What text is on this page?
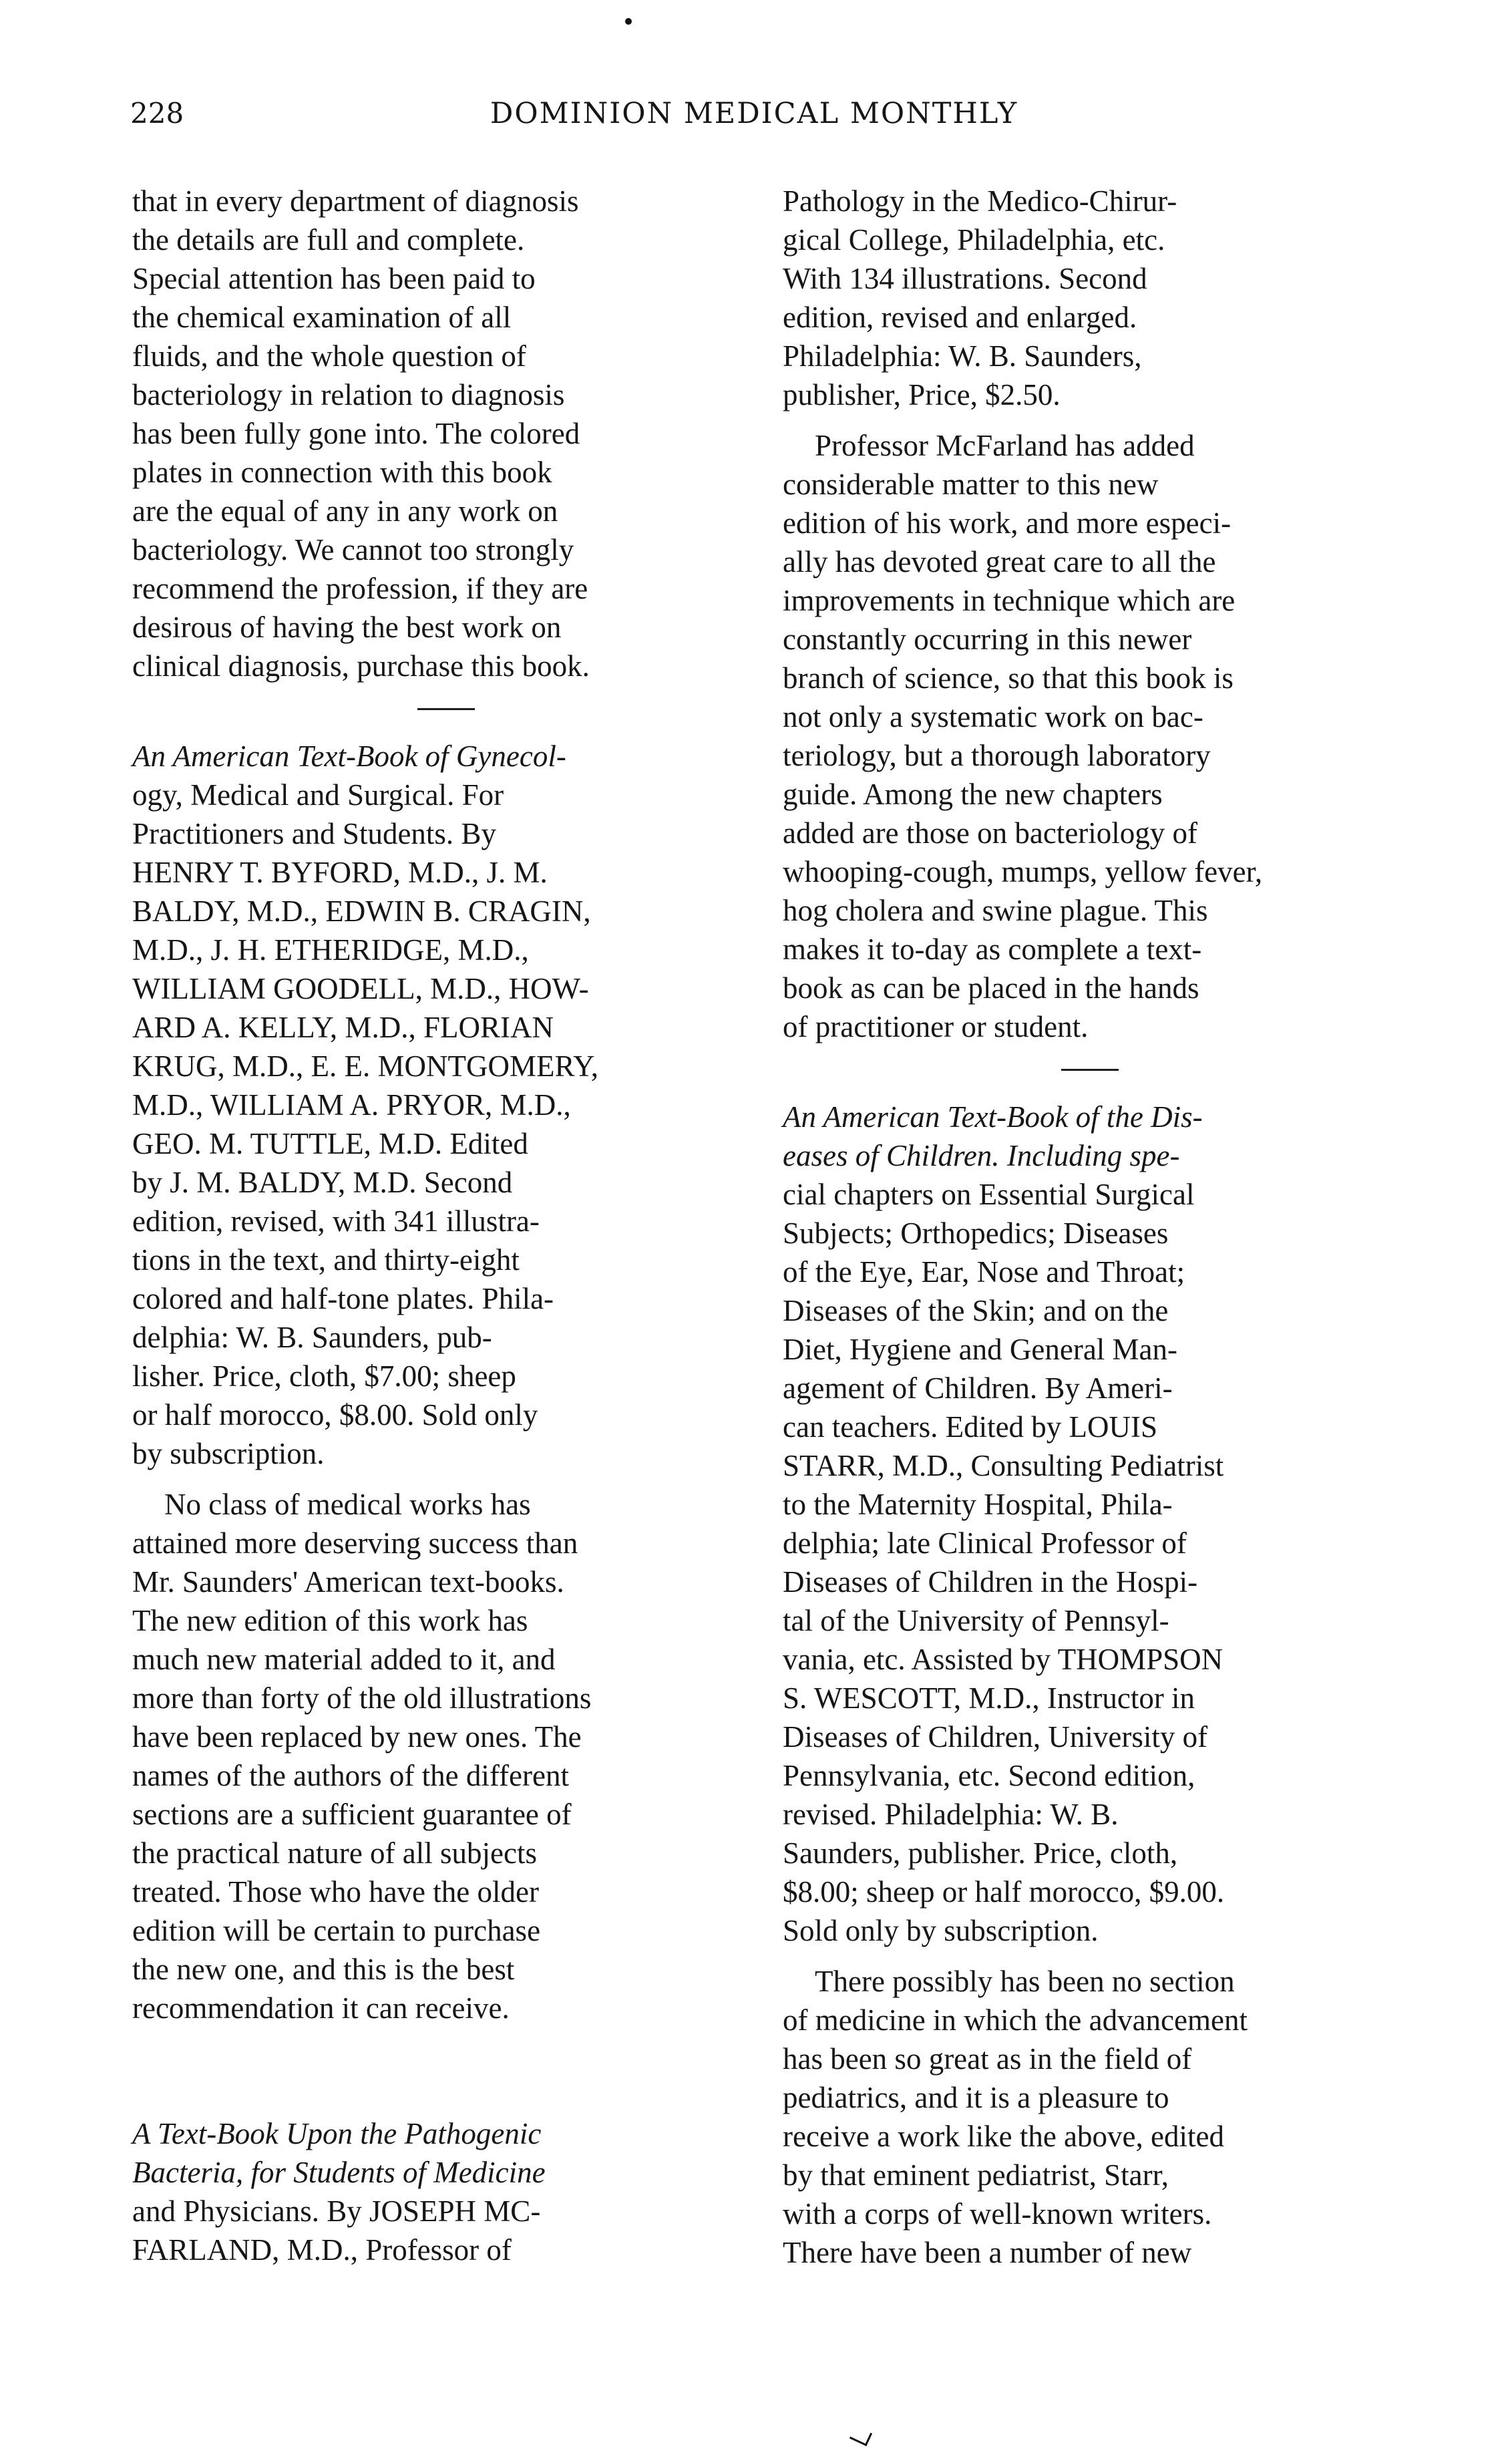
228	DOMINION MEDICAL MONTHLY
that in every department of diagnosis
the details are full and complete.
Special attention has been paid to
the chemical examination of all
fluids, and the whole question of
bacteriology in relation to diagnosis
has been fully gone into. The colored
plates in connection with this book
are the equal of any in any work on
bacteriology. We cannot too strongly
recommend the profession, if they are
desirous of having the best work on
clinical diagnosis, purchase this book.
An American Text-Book of Gynecol-
ogy, Medical and Surgical. For
Practitioners and Students. By
HENRY T. BYFORD, M.D., J. M.
BALDY, M.D., EDWIN B. CRAGIN,
M.D., J. H. ETHERIDGE, M.D.,
WILLIAM GOODELL, M.D., HOW-
ARD A. KELLY, M.D., FLORIAN
KRUG, M.D., E. E. MONTGOMERY,
M.D., WILLIAM A. PRYOR, M.D.,
GEO. M. TUTTLE, M.D. Edited
by J. M. BALDY, M.D. Second
edition, revised, with 341 illustra-
tions in the text, and thirty-eight
colored and half-tone plates. Phila-
delphia: W. B. Saunders, pub-
lisher. Price, cloth, $7.00; sheep
or half morocco, $8.00. Sold only
by subscription.
No class of medical works has
attained more deserving success than
Mr. Saunders' American text-books.
The new edition of this work has
much new material added to it, and
more than forty of the old illustrations
have been replaced by new ones. The
names of the authors of the different
sections are a sufficient guarantee of
the practical nature of all subjects
treated. Those who have the older
edition will be certain to purchase
the new one, and this is the best
recommendation it can receive.
A Text-Book Upon the Pathogenic
Bacteria, for Students of Medicine
and Physicians. By JOSEPH MC-
FARLAND, M.D., Professor of
Pathology in the Medico-Chirur-
gical College, Philadelphia, etc.
With 134 illustrations. Second
edition, revised and enlarged.
Philadelphia: W. B. Saunders,
publisher, Price, $2.50.
Professor McFarland has added
considerable matter to this new
edition of his work, and more especi-
ally has devoted great care to all the
improvements in technique which are
constantly occurring in this newer
branch of science, so that this book is
not only a systematic work on bac-
teriology, but a thorough laboratory
guide. Among the new chapters
added are those on bacteriology of
whooping-cough, mumps, yellow fever,
hog cholera and swine plague. This
makes it to-day as complete a text-
book as can be placed in the hands
of practitioner or student.
An American Text-Book of the Dis-
eases of Children. Including spe-
cial chapters on Essential Surgical
Subjects; Orthopedics; Diseases
of the Eye, Ear, Nose and Throat;
Diseases of the Skin; and on the
Diet, Hygiene and General Man-
agement of Children. By Ameri-
can teachers. Edited by LOUIS
STARR, M.D., Consulting Pediatrist
to the Maternity Hospital, Phila-
delphia; late Clinical Professor of
Diseases of Children in the Hospi-
tal of the University of Pennsyl-
vania, etc. Assisted by THOMPSON
S. WESCOTT, M.D., Instructor in
Diseases of Children, University of
Pennsylvania, etc. Second edition,
revised. Philadelphia: W. B.
Saunders, publisher. Price, cloth,
$8.00; sheep or half morocco, $9.00.
Sold only by subscription.
There possibly has been no section
of medicine in which the advancement
has been so great as in the field of
pediatrics, and it is a pleasure to
receive a work like the above, edited
by that eminent pediatrist, Starr,
with a corps of well-known writers.
There have been a number of new
